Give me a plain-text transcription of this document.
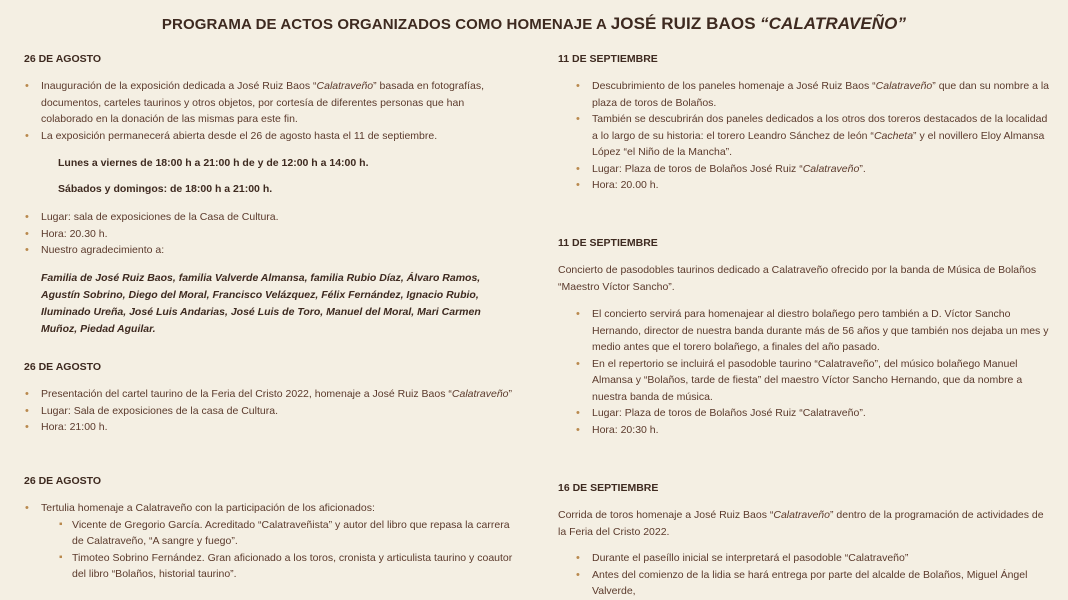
PROGRAMA DE ACTOS ORGANIZADOS COMO HOMENAJE A JOSÉ RUIZ BAOS “CALATRAVEÑO”
26 DE AGOSTO
• Inauguración de la exposición dedicada a José Ruiz Baos “Calatraveño” basada en fotografías, documentos, carteles taurinos y otros objetos, por cortesía de diferentes personas que han colaborado en la donación de las mismas para este fin.
• La exposición permanecerá abierta desde el 26 de agosto hasta el 11 de septiembre.
Lunes a viernes de 18:00 h a 21:00 h de y de 12:00 h a 14:00 h.
Sábados y domingos: de 18:00 h a 21:00 h.
• Lugar: sala de exposiciones de la Casa de Cultura.
• Hora: 20.30 h.
• Nuestro agradecimiento a:
Familia de José Ruiz Baos, familia Valverde Almansa, familia Rubio Díaz, Álvaro Ramos, Agustín Sobrino, Diego del Moral, Francisco Velázquez, Félix Fernández, Ignacio Rubio, Iluminado Ureña, José Luis Andarias, José Luis de Toro, Manuel del Moral, Mari Carmen Muñoz, Piedad Aguilar.
26 DE AGOSTO
• Presentación del cartel taurino de la Feria del Cristo 2022, homenaje a José Ruiz Baos “Calatraveño”
• Lugar: Sala de exposiciones de la casa de Cultura.
• Hora: 21:00 h.
26 DE AGOSTO
• Tertulia homenaje a Calatraveño con la participación de los aficionados:
▪ Vicente de Gregorio García. Acreditado “Calatraveñista” y autor del libro que repasa la carrera de Calatraveño, “A sangre y fuego”.
▪ Timoteo Sobrino Fernández. Gran aficionado a los toros, cronista y articulista taurino y coautor del libro “Bolaños, historial taurino”.
11 DE SEPTIEMBRE
• Descubrimiento de los paneles homenaje a José Ruiz Baos “Calatraveño” que dan su nombre a la plaza de toros de Bolaños.
• También se descubrirán dos paneles dedicados a los otros dos toreros destacados de la localidad a lo largo de su historia: el torero Leandro Sánchez de león “Cacheta” y el novillero Eloy Almansa López “el Niño de la Mancha”.
• Lugar: Plaza de toros de Bolaños José Ruiz “Calatraveño”.
• Hora: 20.00 h.
11 DE SEPTIEMBRE
Concierto de pasodobles taurinos dedicado a Calatraveño ofrecido por la banda de Música de Bolaños “Maestro Víctor Sancho”.
• El concierto servirá para homenajear al diestro bolañego pero también a D. Víctor Sancho Hernando, director de nuestra banda durante más de 56 años y que también nos dejaba un mes y medio antes que el torero bolañego, a finales del año pasado.
• En el repertorio se incluirá el pasodoble taurino “Calatraveño”, del músico bolañego Manuel Almansa y “Bolaños, tarde de fiesta” del maestro Víctor Sancho Hernando, que da nombre a nuestra banda de música.
• Lugar: Plaza de toros de Bolaños José Ruiz “Calatraveño”.
• Hora: 20:30 h.
16 DE SEPTIEMBRE
Corrida de toros homenaje a José Ruiz Baos “Calatraveño” dentro de la programación de actividades de la Feria del Cristo 2022.
• Durante el paseíllo inicial se interpretará el pasodoble “Calatraveño”
• Antes del comienzo de la lidia se hará entrega por parte del alcalde de Bolaños, Miguel Ángel Valverde,
